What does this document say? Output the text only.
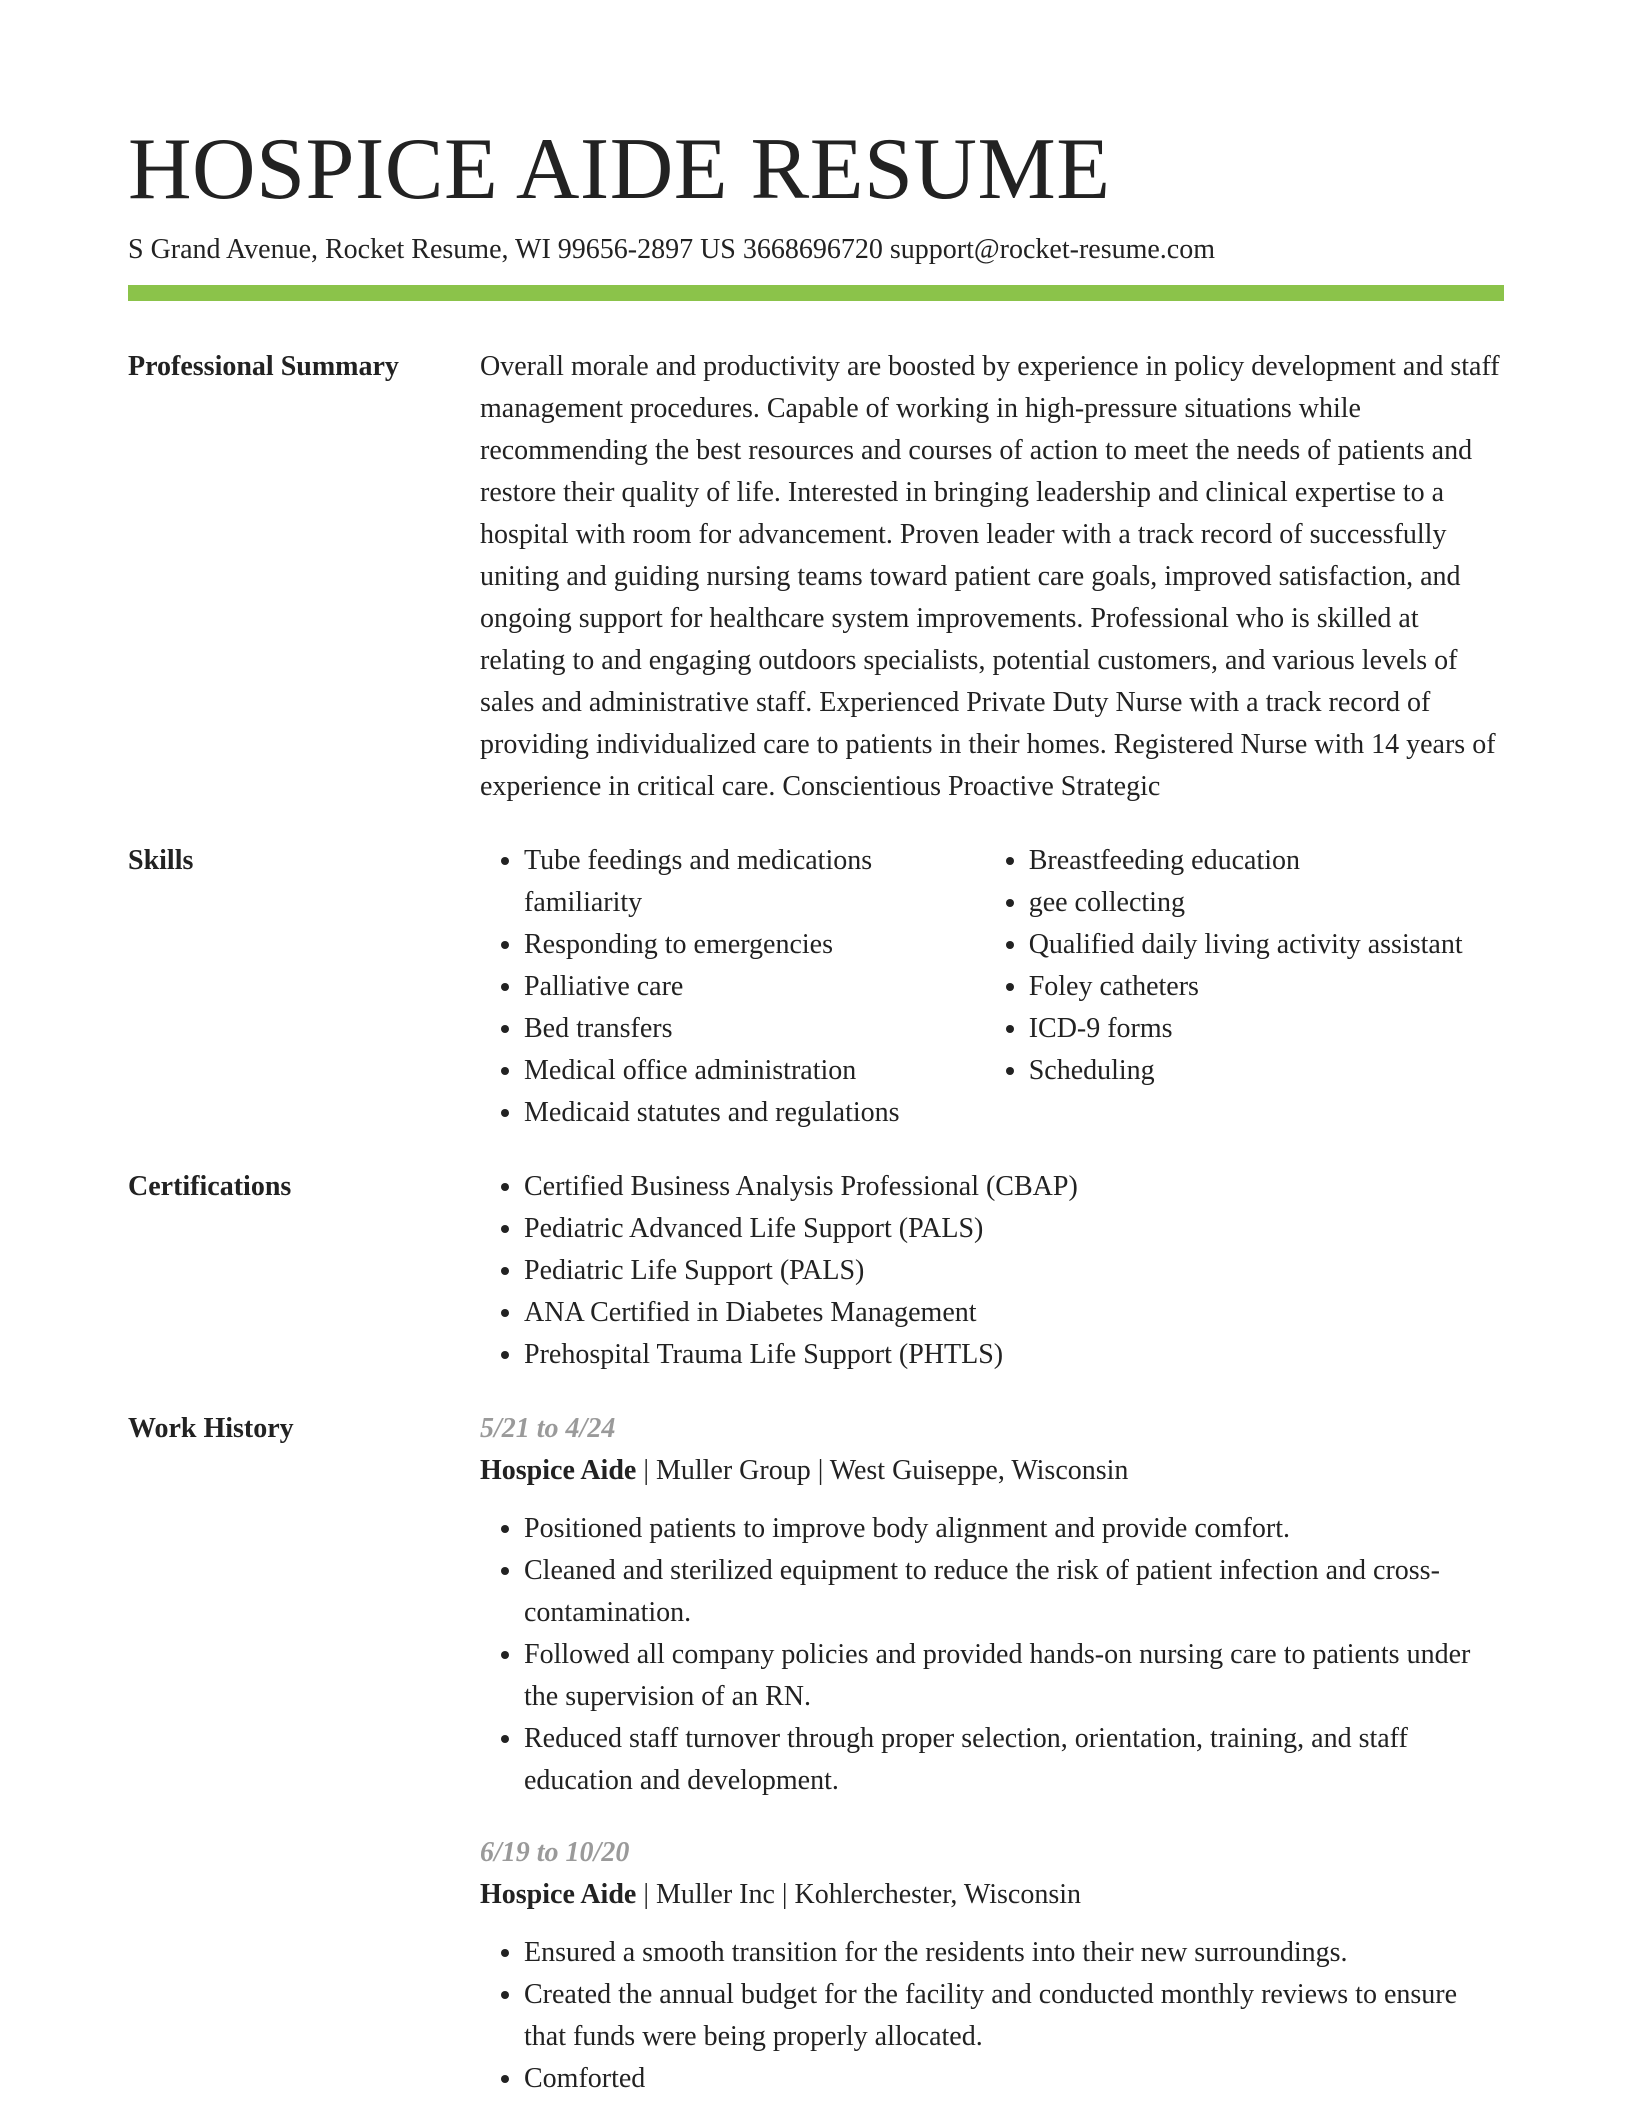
HOSPICE AIDE RESUME
S Grand Avenue, Rocket Resume, WI 99656-2897 US 3668696720 support@rocket-resume.com
Professional Summary	Overall morale and productivity are boosted by experience in policy development and staff management procedures. Capable of working in high-pressure situations while recommending the best resources and courses of action to meet the needs of patients and restore their quality of life. Interested in bringing leadership and clinical expertise to a hospital with room for advancement. Proven leader with a track record of successfully uniting and guiding nursing teams toward patient care goals, improved satisfaction, and ongoing support for healthcare system improvements. Professional who is skilled at relating to and engaging outdoors specialists, potential customers, and various levels of sales and administrative staff. Experienced Private Duty Nurse with a track record of providing individualized care to patients in their homes. Registered Nurse with 14 years of experience in critical care. Conscientious Proactive Strategic

Skills	• Tube feedings and medications familiarity
• Responding to emergencies
• Palliative care
• Bed transfers
• Medical office administration
• Medicaid statutes and regulations
• Breastfeeding education
• gee collecting
• Qualified daily living activity assistant
• Foley catheters
• ICD-9 forms
• Scheduling
Certifications	• Certified Business Analysis Professional (CBAP)
• Pediatric Advanced Life Support (PALS)
• Pediatric Life Support (PALS)
• ANA Certified in Diabetes Management
• Prehospital Trauma Life Support (PHTLS)
Work History	5/21 to 4/24
Hospice Aide | Muller Group | West Guiseppe, Wisconsin
• Positioned patients to improve body alignment and provide comfort.
• Cleaned and sterilized equipment to reduce the risk of patient infection and cross-contamination.
• Followed all company policies and provided hands-on nursing care to patients under the supervision of an RN.
• Reduced staff turnover through proper selection, orientation, training, and staff education and development.
6/19 to 10/20
Hospice Aide | Muller Inc | Kohlerchester, Wisconsin
• Ensured a smooth transition for the residents into their new surroundings.
• Created the annual budget for the facility and conducted monthly reviews to ensure that funds were being properly allocated.
• Comforted
